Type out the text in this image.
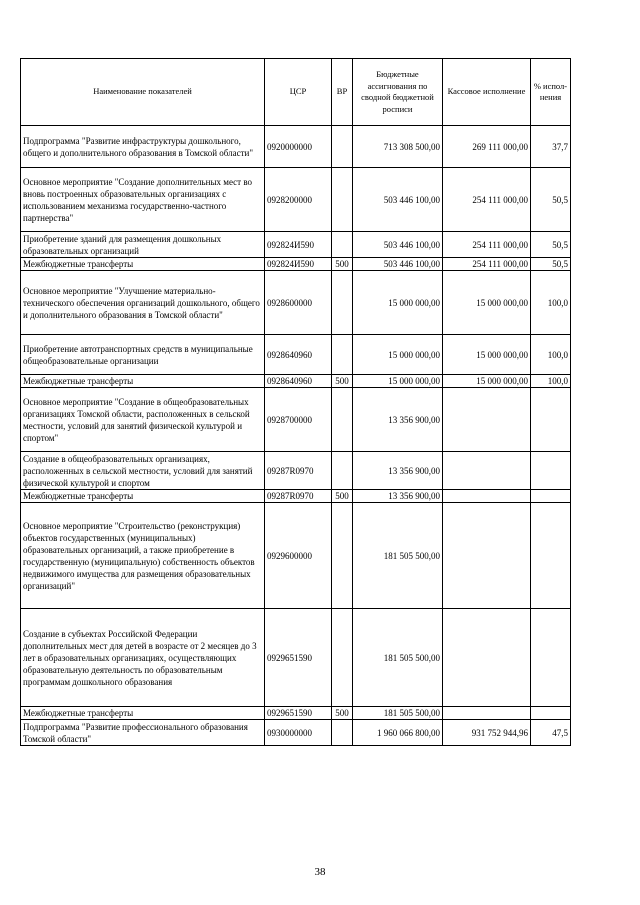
Наименование показателей	ЦСР	ВР	Бюджетные ассигнования по сводной бюджетной росписи	Кассовое исполнение	% испол-нения
Подпрограмма "Развитие инфраструктуры дошкольного, общего и дополнительного образования в Томской области"	0920000000		713 308 500,00	269 111 000,00	37,7
Основное мероприятие "Создание дополнительных мест во вновь построенных образовательных организациях с использованием механизма государственно-частного партнерства"	0928200000		503 446 100,00	254 111 000,00	50,5
Приобретение зданий для размещения дошкольных образовательных организаций	092824И590		503 446 100,00	254 111 000,00	50,5
Межбюджетные трансферты	092824И590	500	503 446 100,00	254 111 000,00	50,5
Основное мероприятие "Улучшение материально-технического обеспечения организаций дошкольного, общего и дополнительного образования в Томской области"	0928600000		15 000 000,00	15 000 000,00	100,0
Приобретение автотранспортных средств в муниципальные общеобразовательные организации	0928640960		15 000 000,00	15 000 000,00	100,0
Межбюджетные трансферты	0928640960	500	15 000 000,00	15 000 000,00	100,0
Основное мероприятие "Создание в общеобразовательных организациях Томской области, расположенных в сельской местности, условий для занятий физической культурой и спортом"	0928700000		13 356 900,00		
Создание в общеобразовательных организациях, расположенных в сельской местности, условий для занятий физической культурой и спортом	09287R0970		13 356 900,00		
Межбюджетные трансферты	09287R0970	500	13 356 900,00		
Основное мероприятие "Строительство (реконструкция) объектов государственных (муниципальных) образовательных организаций, а также приобретение в государственную (муниципальную) собственность объектов недвижимого имущества для размещения образовательных организаций"	0929600000		181 505 500,00		
Создание в субъектах Российской Федерации дополнительных мест для детей в возрасте от 2 месяцев до 3 лет в образовательных организациях, осуществляющих образовательную деятельность по образовательным программам дошкольного образования	0929651590		181 505 500,00		
Межбюджетные трансферты	0929651590	500	181 505 500,00		
Подпрограмма "Развитие профессионального образования Томской области"	0930000000		1 960 066 800,00	931 752 944,96	47,5
38
